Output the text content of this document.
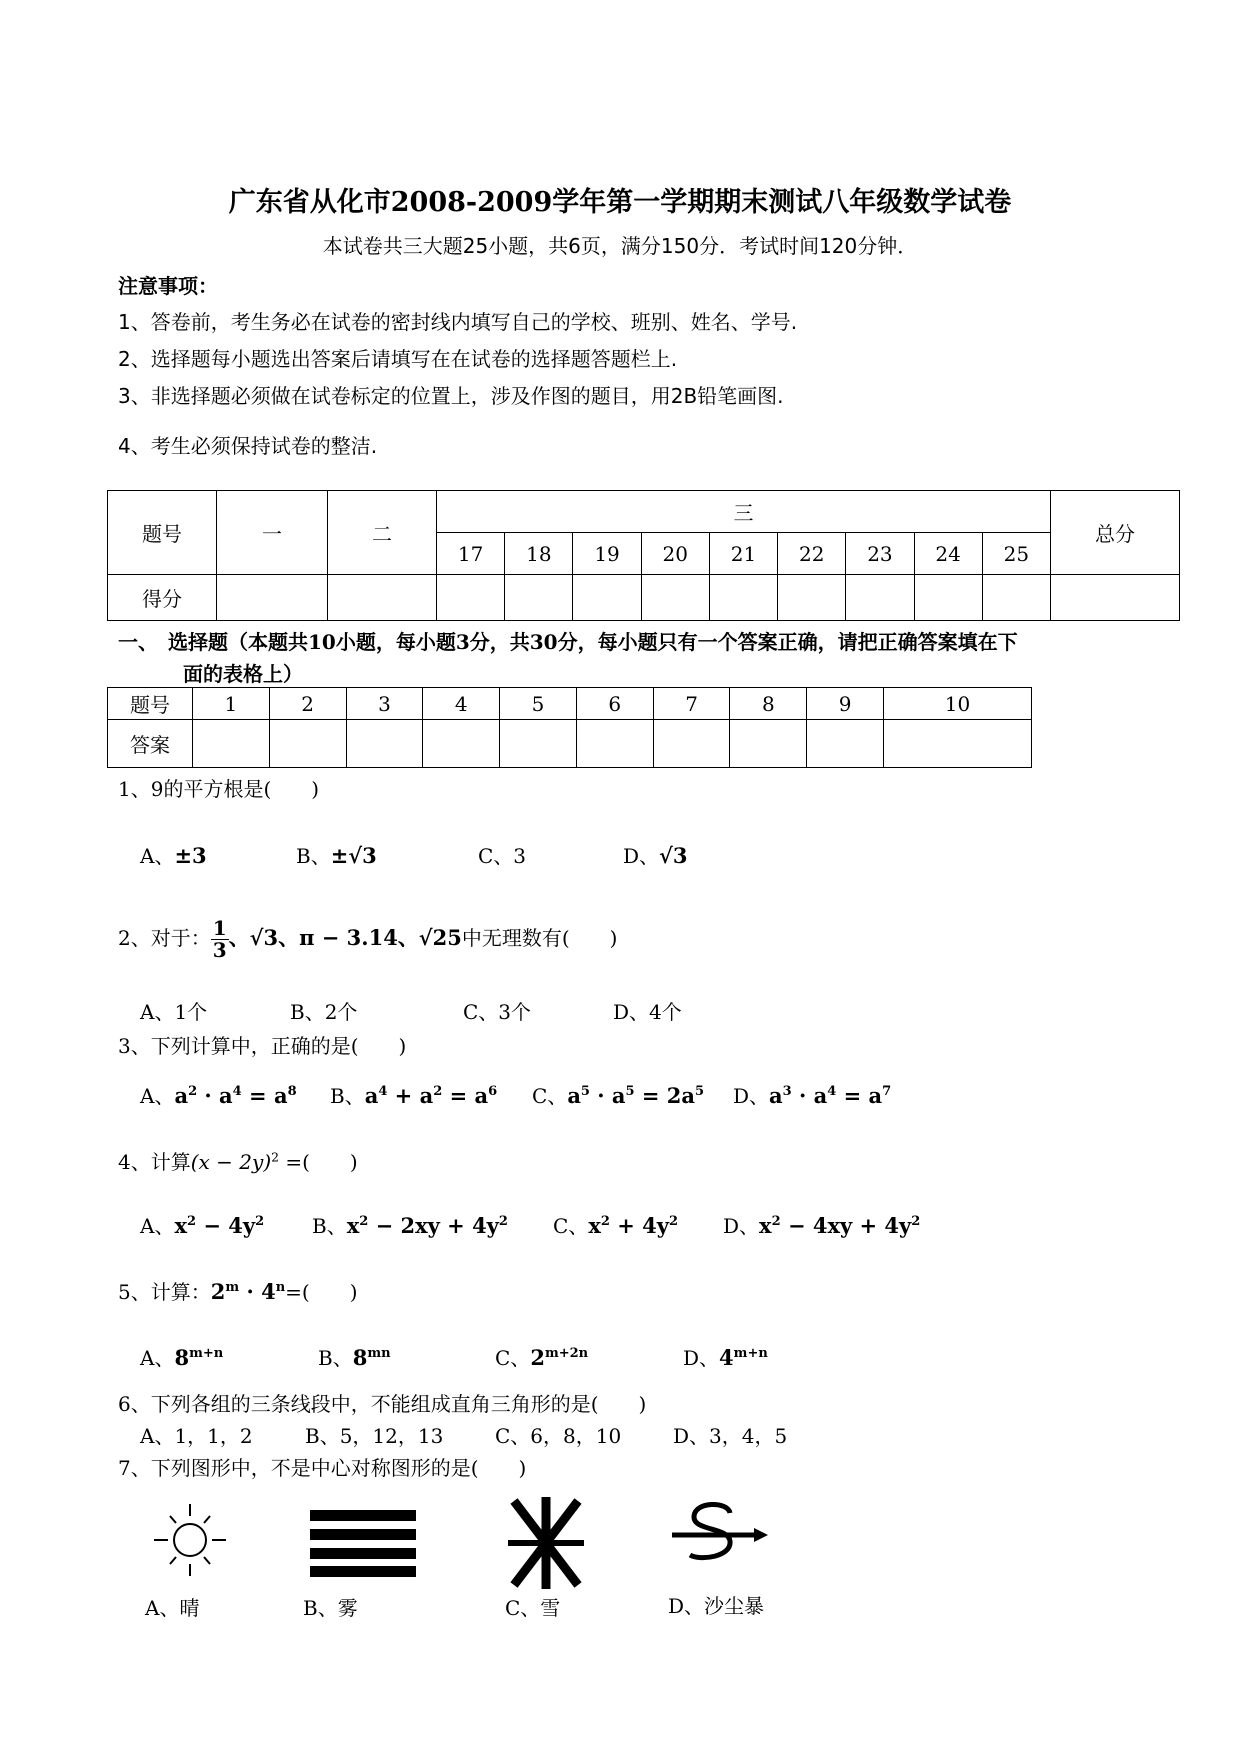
广东省从化市2008-2009学年第一学期期末测试八年级数学试卷
本试卷共三大题25小题，共6页，满分150分．考试时间120分钟．
注意事项：
1、答卷前，考生务必在试卷的密封线内填写自己的学校、班别、姓名、学号.
2、选择题每小题选出答案后请填写在在试卷的选择题答题栏上.
3、非选择题必须做在试卷标定的位置上，涉及作图的题目，用2B铅笔画图.
4、考生必须保持试卷的整洁.
题号	一	二	三									总分
			17	18	19	20	21	22	23	24	25	
得分												
一、　选择题（本题共10小题，每小题3分，共30分，每小题只有一个答案正确，请把正确答案填在下
面的表格上）
题号	1	2	3	4	5	6	7	8	9	10
答案										
1、9的平方根是(　　)
A、±3	B、±√3	C、3	D、√3
2、对于： $\frac{1}{3}$ 、√3、π − 3.14、√25中无理数有(　　)
A、1个	B、2个	C、3个	D、4个
3、下列计算中，正确的是(　　)
A、$a^2 \cdot a^4 = a^8$ B、$a^4 + a^2 = a^6$ C、$a^5 \cdot a^5 = 2a^5$ D、$a^3 \cdot a^4 = a^7$
4、计算$(x - 2y)^2$ =(　　)
A、$x^2 - 4y^2$ B、$x^2 - 2xy + 4y^2$ C、$x^2 + 4y^2$ D、$x^2 - 4xy + 4y^2$
5、计算：$2^m \cdot 4^n=$(　　)
A、$8^{m+n}$	B、$8^{mn}$	C、$2^{m+2n}$	D、$4^{m+n}$
6、下列各组的三条线段中，不能组成直角三角形的是(　　)
A、1，1，2	B、5，12，13	C、6，8，10	D、3，4，5
7、下列图形中，不是中心对称图形的是(　　)
A、晴	B、雾	C、雪	D、沙尘暴
